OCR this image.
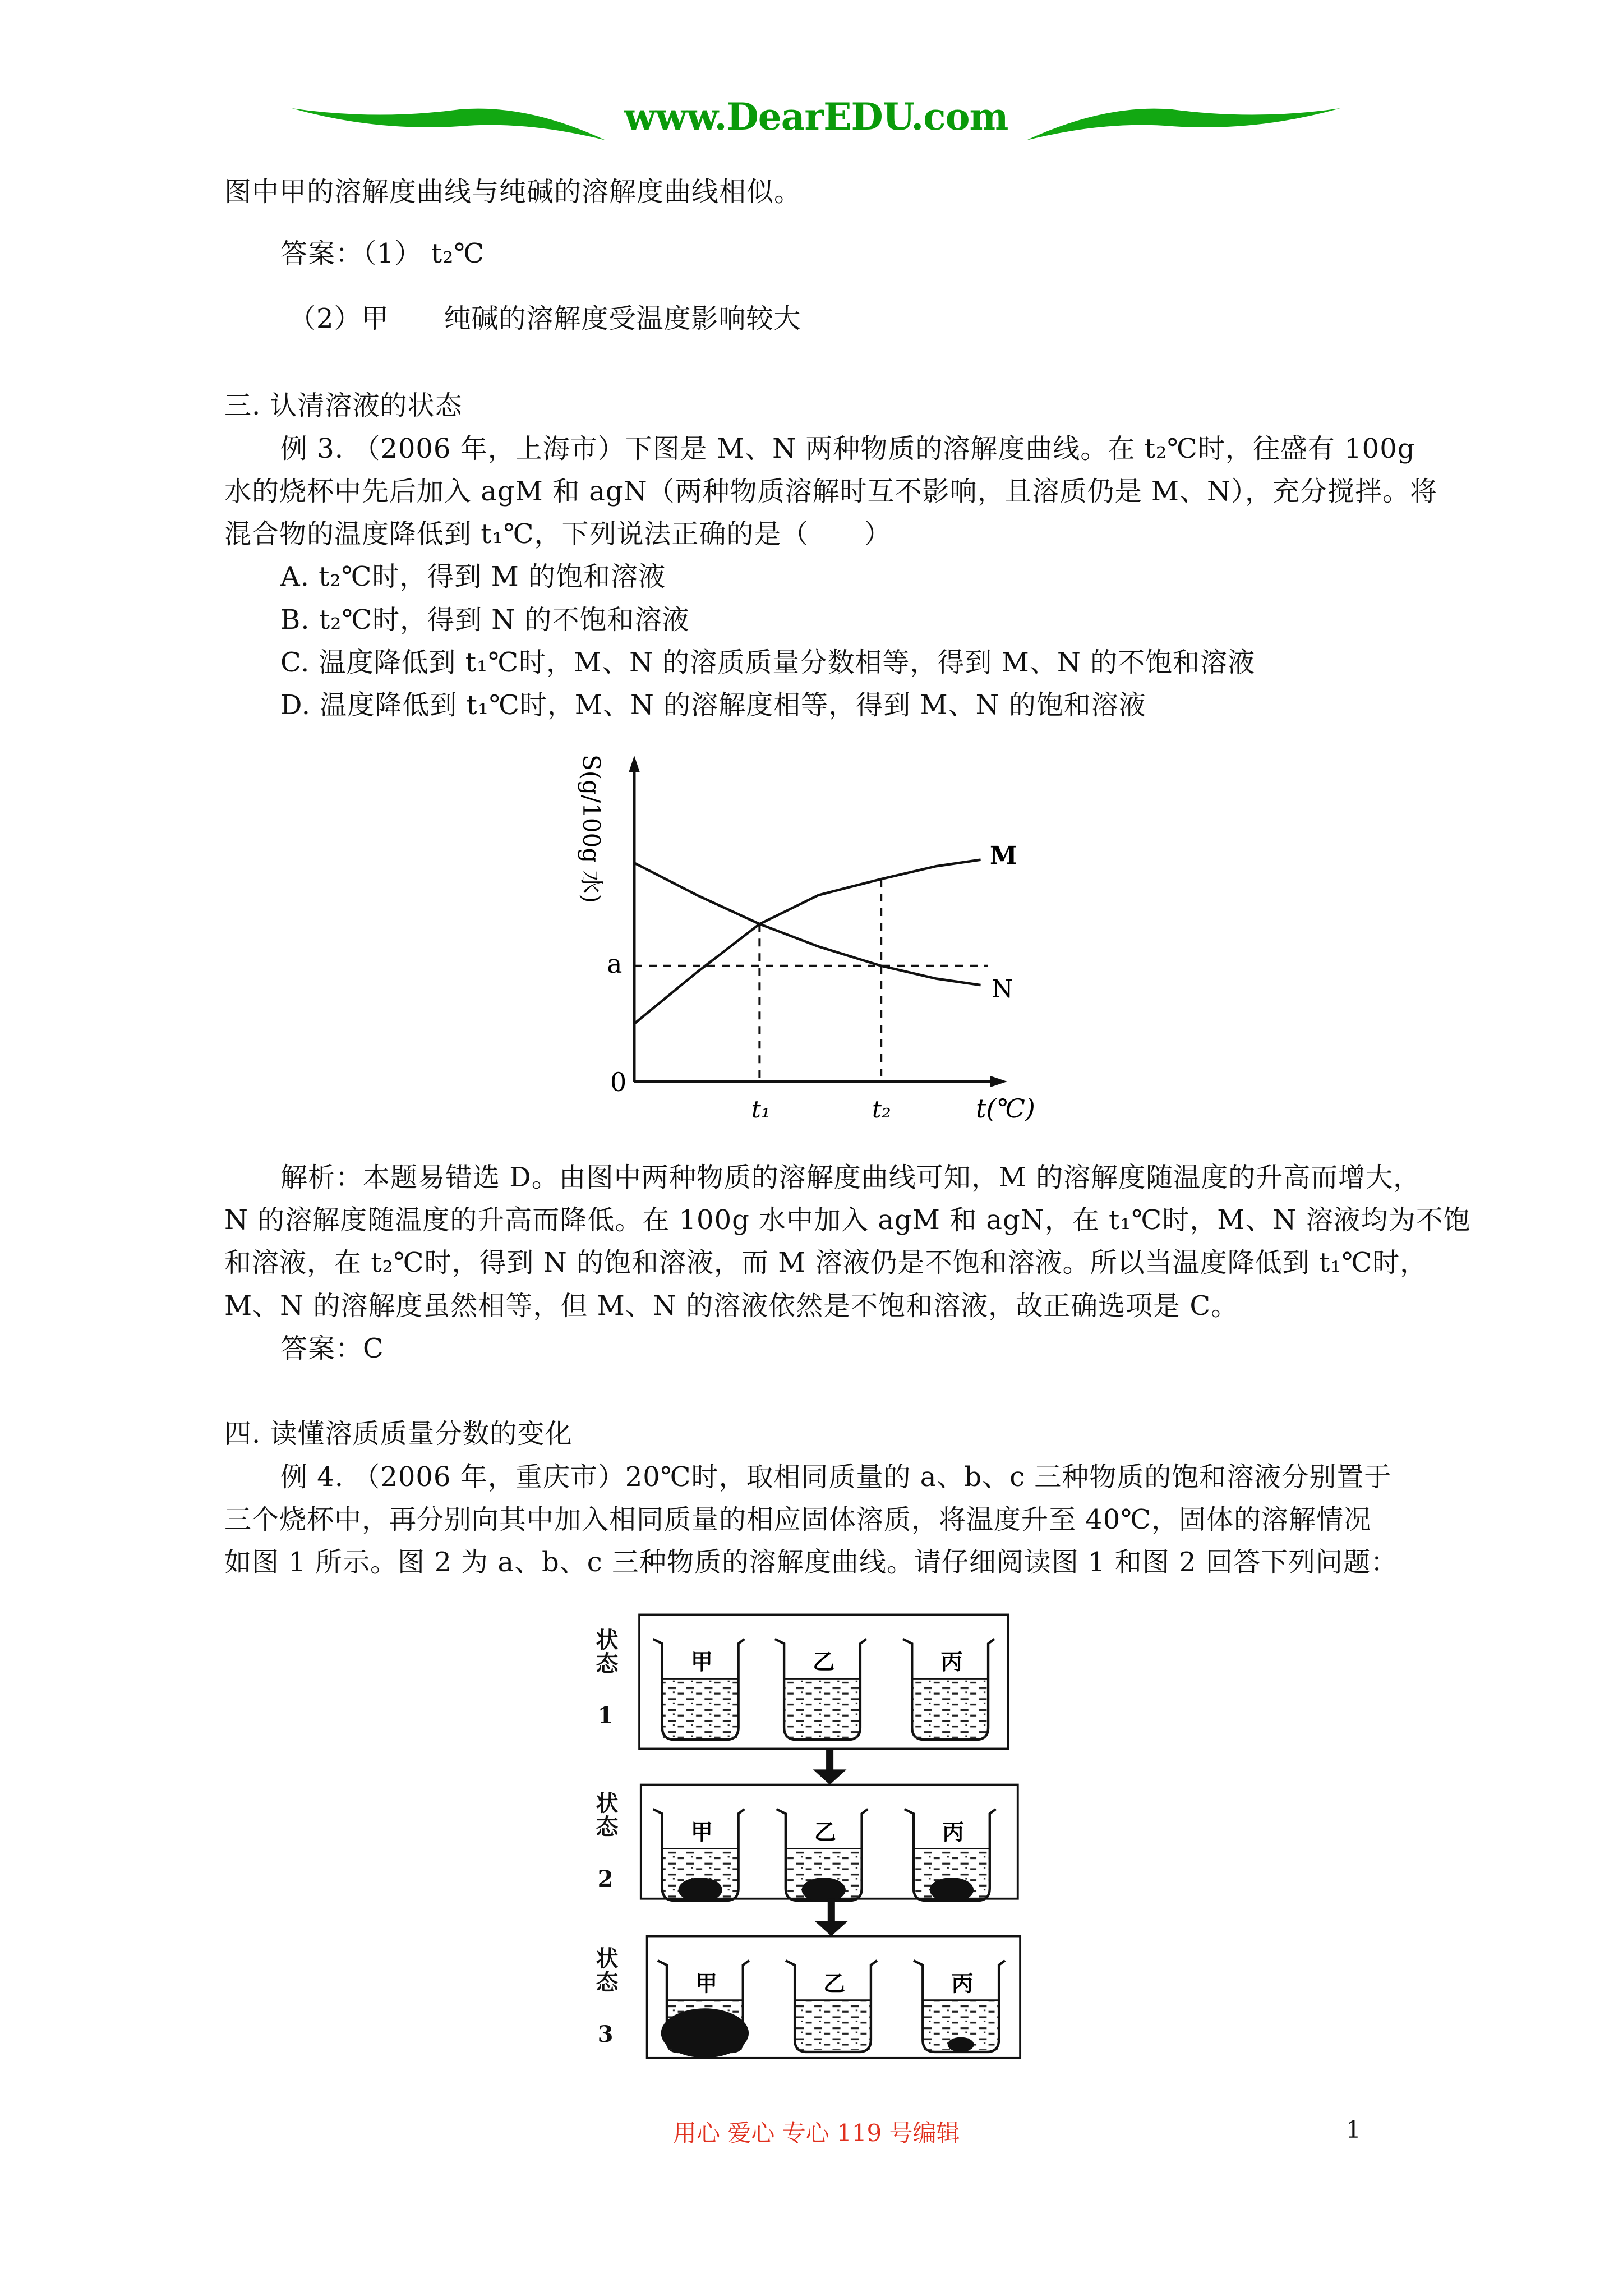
www.DearEDU.com
图中甲的溶解度曲线与纯碱的溶解度曲线相似。
答案：（1） t₂℃
（2）甲　　纯碱的溶解度受温度影响较大
三. 认清溶液的状态
例 3. （2006 年，上海市）下图是 M、N 两种物质的溶解度曲线。在 t₂℃时，往盛有 100g
水的烧杯中先后加入 agM 和 agN（两种物质溶解时互不影响，且溶质仍是 M、N），充分搅拌。将
混合物的温度降低到 t₁℃，下列说法正确的是（　　）
A. t₂℃时，得到 M 的饱和溶液
B. t₂℃时，得到 N 的不饱和溶液
C. 温度降低到 t₁℃时，M、N 的溶质质量分数相等，得到 M、N 的不饱和溶液
D. 温度降低到 t₁℃时，M、N 的溶解度相等，得到 M、N 的饱和溶液
解析：本题易错选 D。由图中两种物质的溶解度曲线可知，M 的溶解度随温度的升高而增大，
N 的溶解度随温度的升高而降低。在 100g 水中加入 agM 和 agN，在 t₁℃时，M、N 溶液均为不饱
和溶液，在 t₂℃时，得到 N 的饱和溶液，而 M 溶液仍是不饱和溶液。所以当温度降低到 t₁℃时，
M、N 的溶解度虽然相等，但 M、N 的溶液依然是不饱和溶液，故正确选项是 C。
答案：C
四. 读懂溶质质量分数的变化
例 4. （2006 年，重庆市）20℃时，取相同质量的 a、b、c 三种物质的饱和溶液分别置于
三个烧杯中，再分别向其中加入相同质量的相应固体溶质，将温度升至 40℃，固体的溶解情况
如图 1 所示。图 2 为 a、b、c 三种物质的溶解度曲线。请仔细阅读图 1 和图 2 回答下列问题：
S(g/100g 水)
0
t(℃)
a
t₁	t₂
M
N
甲 乙	丙
甲	乙	丙
甲	乙	丙
状态 1
状态 2
状态 3
用心 爱心 专心 119 号编辑	1
